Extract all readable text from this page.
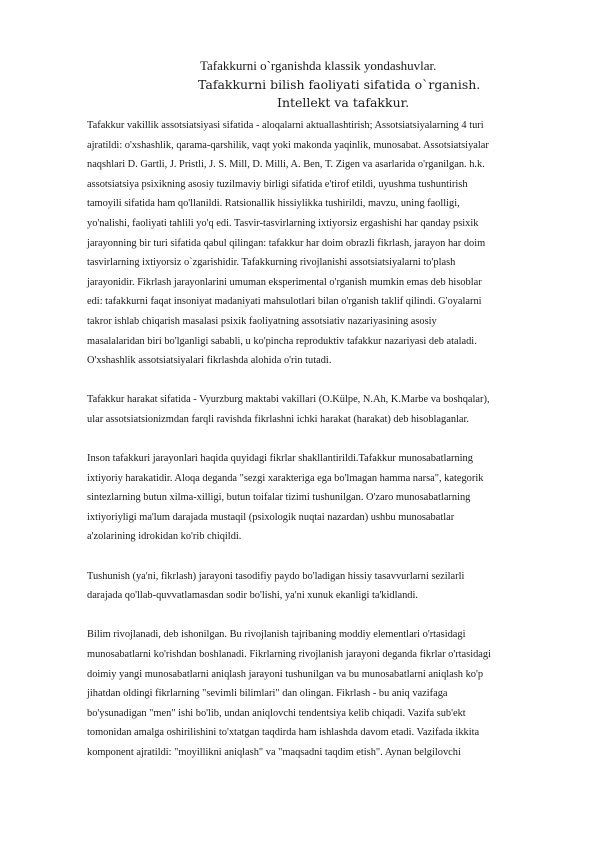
Tafakkurni o`rganishda klassik yondashuvlar.
Tafakkurni bilish faoliyati sifatida o`rganish.
Intellekt va tafakkur.
Tafakkur vakillik assotsiatsiyasi sifatida - aloqalarni aktuallashtirish; Assotsiatsiyalarning 4 turi
ajratildi: o'xshashlik, qarama-qarshilik, vaqt yoki makonda yaqinlik, munosabat. Assotsiatsiyalar
naqshlari D. Gartli, J. Pristli, J. S. Mill, D. Milli, A. Ben, T. Zigen va asarlarida o'rganilgan. h.k.
assotsiatsiya psixikning asosiy tuzilmaviy birligi sifatida e'tirof etildi, uyushma tushuntirish
tamoyili sifatida ham qo'llanildi. Ratsionallik hissiylikka tushirildi, mavzu, uning faolligi,
yo'nalishi, faoliyati tahlili yo'q edi. Tasvir-tasvirlarning ixtiyorsiz ergashishi har qanday psixik
jarayonning bir turi sifatida qabul qilingan: tafakkur har doim obrazli fikrlash, jarayon har doim
tasvirlarning ixtiyorsiz o`zgarishidir. Tafakkurning rivojlanishi assotsiatsiyalarni to'plash
jarayonidir. Fikrlash jarayonlarini umuman eksperimental o'rganish mumkin emas deb hisoblar
edi: tafakkurni faqat insoniyat madaniyati mahsulotlari bilan o'rganish taklif qilindi. G'oyalarni
takror ishlab chiqarish masalasi psixik faoliyatning assotsiativ nazariyasining asosiy
masalalaridan biri bo'lganligi sababli, u ko'pincha reproduktiv tafakkur nazariyasi deb ataladi.
O'xshashlik assotsiatsiyalari fikrlashda alohida o'rin tutadi.
Tafakkur harakat sifatida - Vyurzburg maktabi vakillari (O.Külpe, N.Ah, K.Marbe va boshqalar),
ular assotsiatsionizmdan farqli ravishda fikrlashni ichki harakat (harakat) deb hisoblaganlar.
Inson tafakkuri jarayonlari haqida quyidagi fikrlar shakllantirildi.Tafakkur munosabatlarning
ixtiyoriy harakatidir. Aloqa deganda "sezgi xarakteriga ega bo'lmagan hamma narsa", kategorik
sintezlarning butun xilma-xilligi, butun toifalar tizimi tushunilgan. O'zaro munosabatlarning
ixtiyoriyligi ma'lum darajada mustaqil (psixologik nuqtai nazardan) ushbu munosabatlar
a'zolarining idrokidan ko'rib chiqildi.
Tushunish (ya'ni, fikrlash) jarayoni tasodifiy paydo bo'ladigan hissiy tasavvurlarni sezilarli
darajada qo'llab-quvvatlamasdan sodir bo'lishi, ya'ni xunuk ekanligi ta'kidlandi.
Bilim rivojlanadi, deb ishonilgan. Bu rivojlanish tajribaning moddiy elementlari o'rtasidagi
munosabatlarni ko'rishdan boshlanadi. Fikrlarning rivojlanish jarayoni deganda fikrlar o'rtasidagi
doimiy yangi munosabatlarni aniqlash jarayoni tushunilgan va bu munosabatlarni aniqlash ko'p
jihatdan oldingi fikrlarning "sevimli bilimlari" dan olingan. Fikrlash - bu aniq vazifaga
bo'ysunadigan "men" ishi bo'lib, undan aniqlovchi tendentsiya kelib chiqadi. Vazifa sub'ekt
tomonidan amalga oshirilishini to'xtatgan taqdirda ham ishlashda davom etadi. Vazifada ikkita
komponent ajratildi: "moyillikni aniqlash" va "maqsadni taqdim etish". Aynan belgilovchi
